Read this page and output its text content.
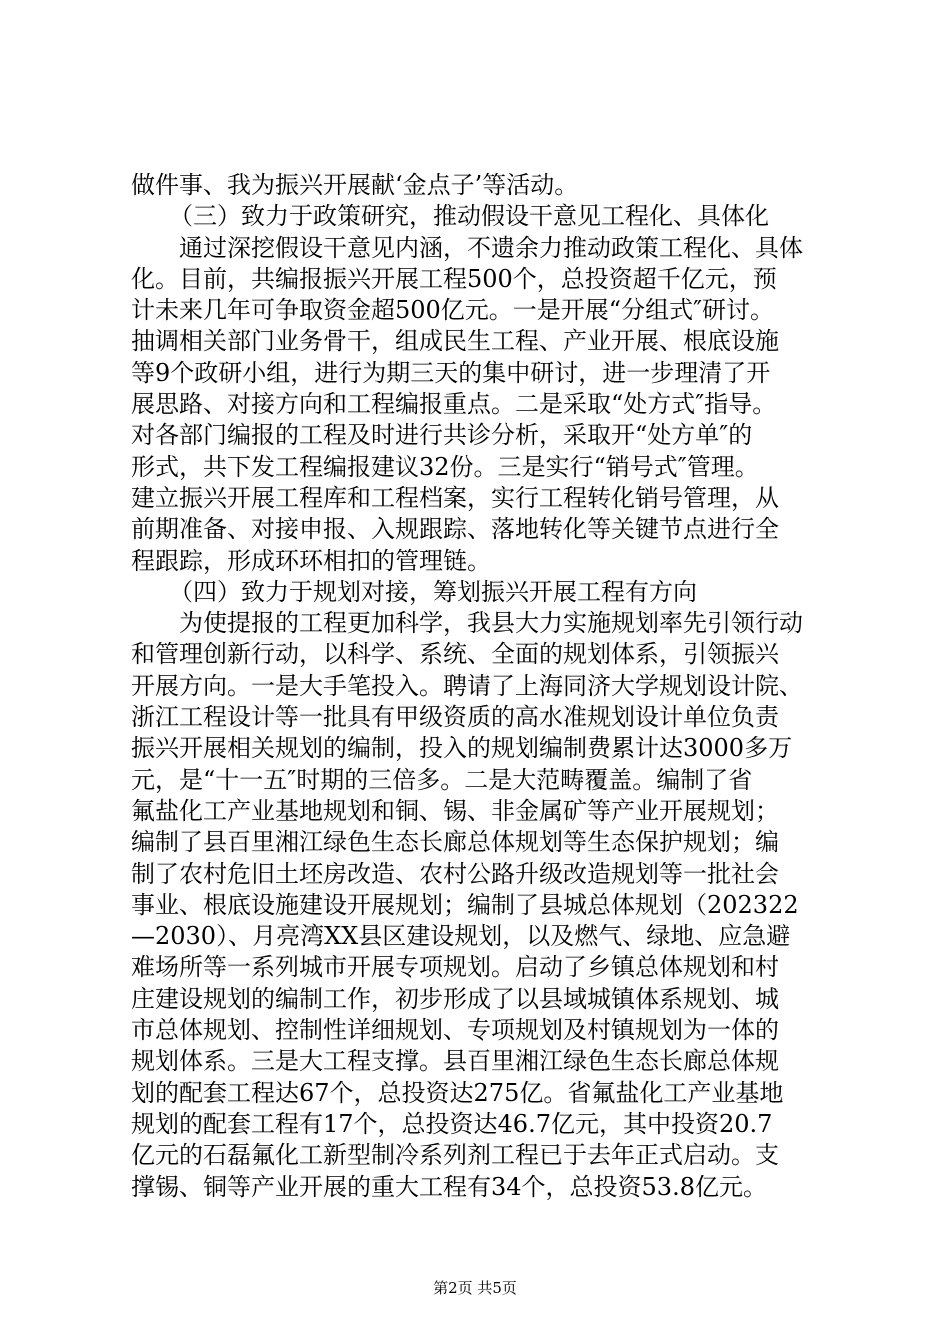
做件事、我为振兴开展献‘金点子’等活动。
（三）致力于政策研究，推动假设干意见工程化、具体化
通过深挖假设干意见内涵，不遗余力推动政策工程化、具体
化。目前，共编报振兴开展工程500个，总投资超千亿元，预
计未来几年可争取资金超500亿元。一是开展“分组式″研讨。
抽调相关部门业务骨干，组成民生工程、产业开展、根底设施
等9个政研小组，进行为期三天的集中研讨，进一步理清了开
展思路、对接方向和工程编报重点。二是采取“处方式″指导。
对各部门编报的工程及时进行共诊分析，采取开“处方单″的
形式，共下发工程编报建议32份。三是实行“销号式″管理。
建立振兴开展工程库和工程档案，实行工程转化销号管理，从
前期准备、对接申报、入规跟踪、落地转化等关键节点进行全
程跟踪，形成环环相扣的管理链。
（四）致力于规划对接，筹划振兴开展工程有方向
为使提报的工程更加科学，我县大力实施规划率先引领行动
和管理创新行动，以科学、系统、全面的规划体系，引领振兴
开展方向。一是大手笔投入。聘请了上海同济大学规划设计院、
浙江工程设计等一批具有甲级资质的高水准规划设计单位负责
振兴开展相关规划的编制，投入的规划编制费累计达3000多万
元，是“十一五″时期的三倍多。二是大范畴覆盖。编制了省
氟盐化工产业基地规划和铜、锡、非金属矿等产业开展规划；
编制了县百里湘江绿色生态长廊总体规划等生态保护规划；编
制了农村危旧土坯房改造、农村公路升级改造规划等一批社会
事业、根底设施建设开展规划；编制了县城总体规划（202322
—2030）、月亮湾XX县区建设规划，以及燃气、绿地、应急避
难场所等一系列城市开展专项规划。启动了乡镇总体规划和村
庄建设规划的编制工作，初步形成了以县域城镇体系规划、城
市总体规划、控制性详细规划、专项规划及村镇规划为一体的
规划体系。三是大工程支撑。县百里湘江绿色生态长廊总体规
划的配套工程达67个，总投资达275亿。省氟盐化工产业基地
规划的配套工程有17个，总投资达46.7亿元，其中投资20.7
亿元的石磊氟化工新型制冷系列剂工程已于去年正式启动。支
撑锡、铜等产业开展的重大工程有34个，总投资53.8亿元。
第2页 共5页
